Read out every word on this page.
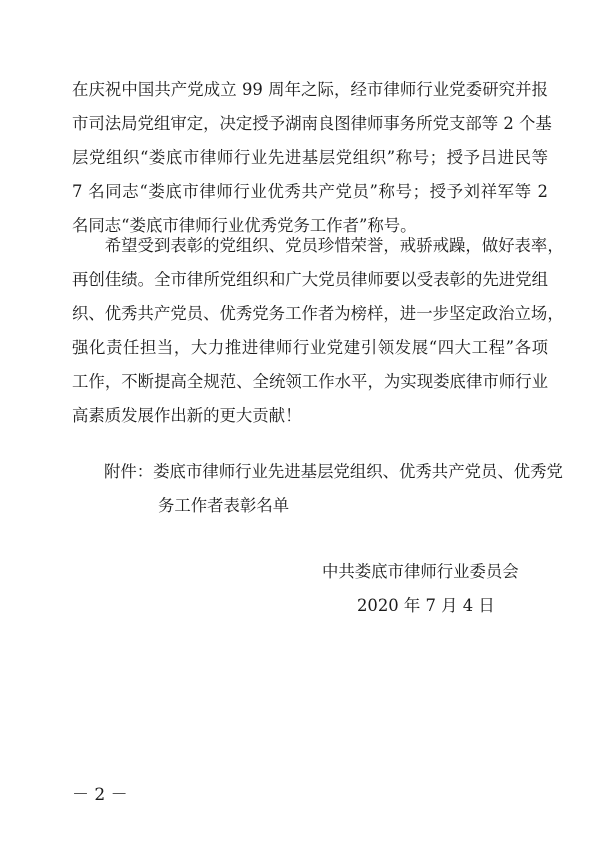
在庆祝中国共产党成立 99 周年之际，经市律师行业党委研究并报
市司法局党组审定，决定授予湖南良图律师事务所党支部等 2 个基
层党组织“娄底市律师行业先进基层党组织”称号；授予吕进民等
7 名同志“娄底市律师行业优秀共产党员”称号；授予刘祥军等 2
名同志“娄底市律师行业优秀党务工作者”称号。
　　希望受到表彰的党组织、党员珍惜荣誉，戒骄戒躁，做好表率，
再创佳绩。全市律所党组织和广大党员律师要以受表彰的先进党组
织、优秀共产党员、优秀党务工作者为榜样，进一步坚定政治立场，
强化责任担当，大力推进律师行业党建引领发展“四大工程”各项
工作，不断提高全规范、全统领工作水平，为实现娄底律市师行业
高素质发展作出新的更大贡献！
附件：娄底市律师行业先进基层党组织、优秀共产党员、优秀党
务工作者表彰名单
中共娄底市律师行业委员会
2020 年 7 月 4 日
－ 2 －
